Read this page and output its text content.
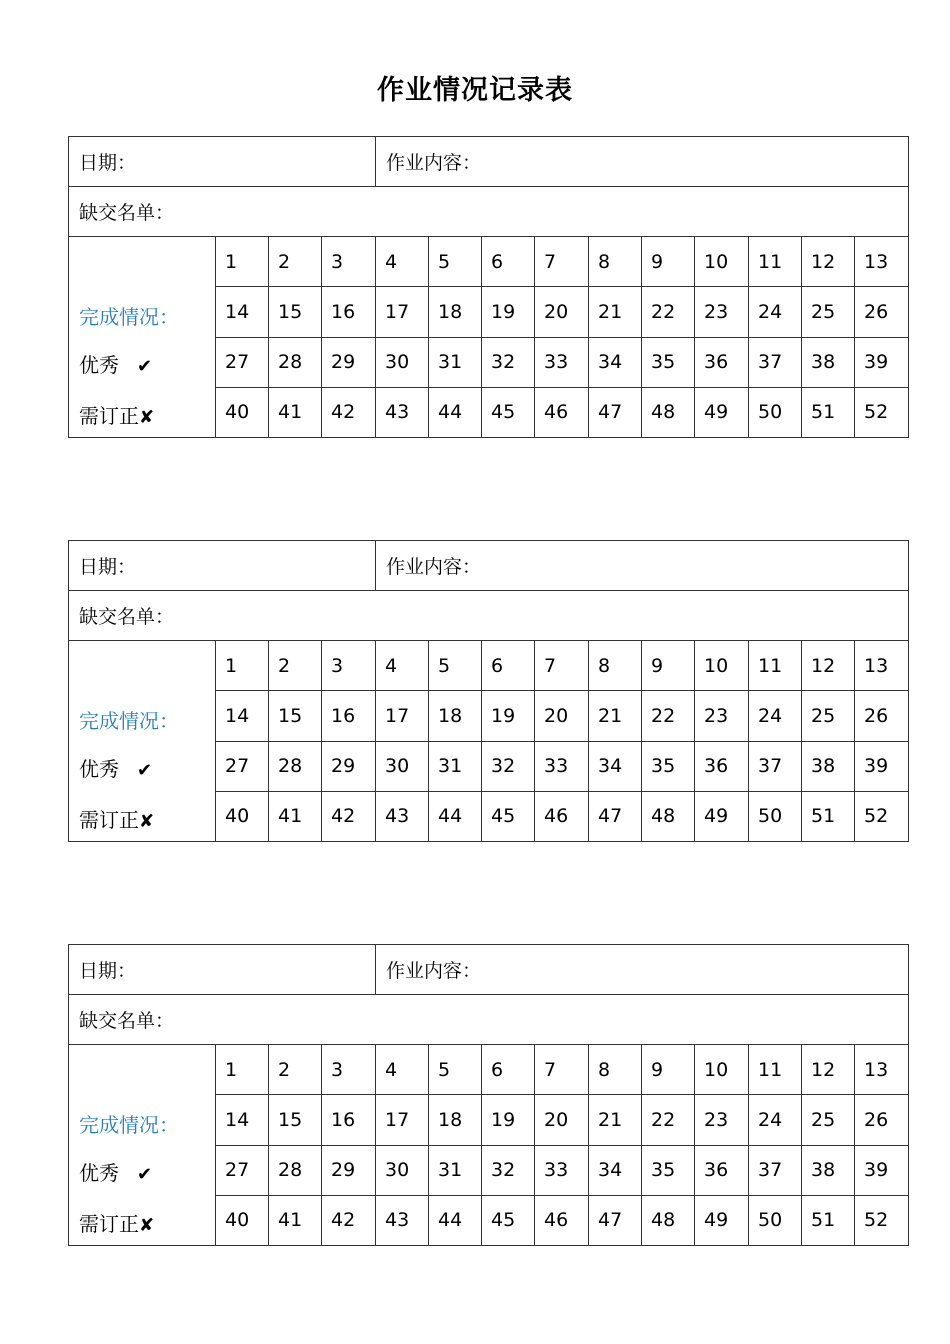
作业情况记录表
日期：				作业内容：									
缺交名单：													

完成情况：
优秀 ✔
需订正✘	1	2	3	4	5	6	7	8	9	10	11	12	13
	14	15	16	17	18	19	20	21	22	23	24	25	26
	27	28	29	30	31	32	33	34	35	36	37	38	39
	40	41	42	43	44	45	46	47	48	49	50	51	52
日期：				作业内容：									
缺交名单：													

完成情况：
优秀 ✔
需订正✘	1	2	3	4	5	6	7	8	9	10	11	12	13
	14	15	16	17	18	19	20	21	22	23	24	25	26
	27	28	29	30	31	32	33	34	35	36	37	38	39
	40	41	42	43	44	45	46	47	48	49	50	51	52
日期：				作业内容：									
缺交名单：													

完成情况：
优秀 ✔
需订正✘	1	2	3	4	5	6	7	8	9	10	11	12	13
	14	15	16	17	18	19	20	21	22	23	24	25	26
	27	28	29	30	31	32	33	34	35	36	37	38	39
	40	41	42	43	44	45	46	47	48	49	50	51	52
